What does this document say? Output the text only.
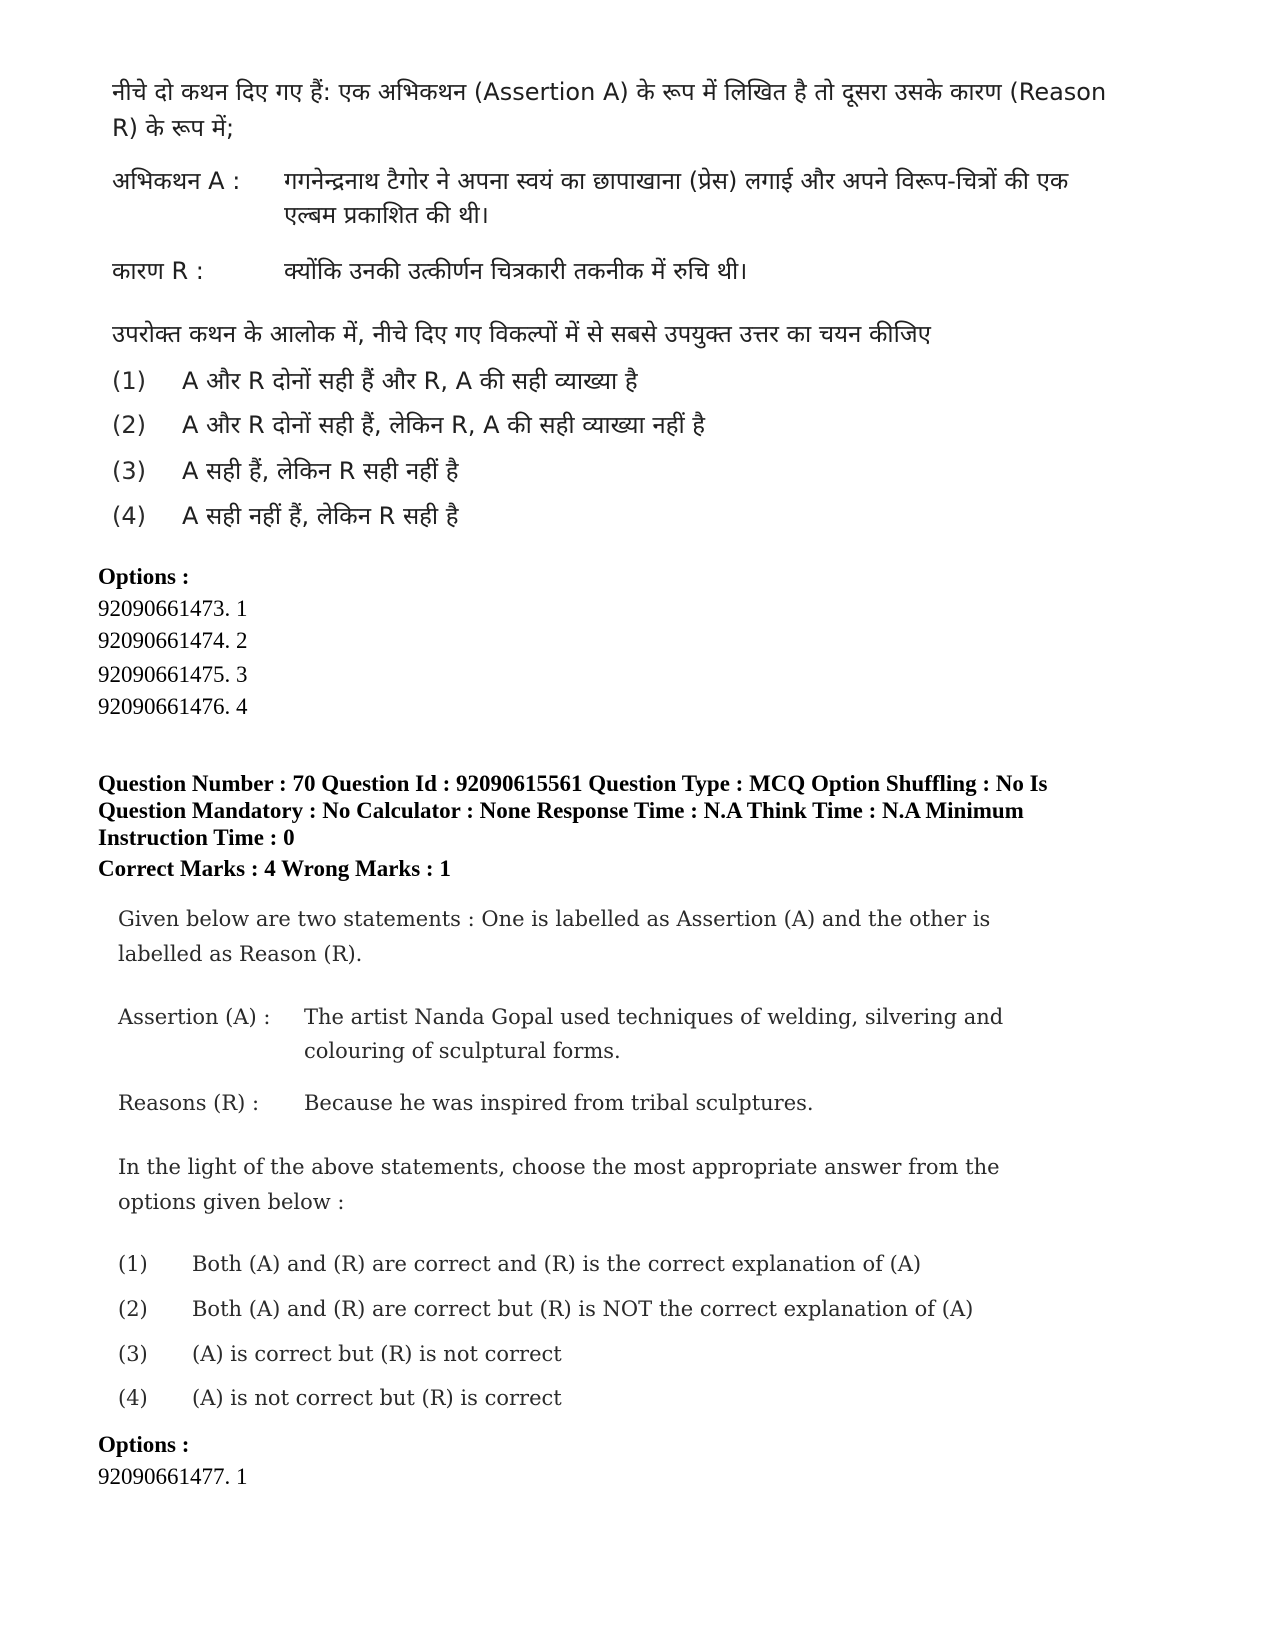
नीचे दो कथन दिए गए हैं: एक अभिकथन (Assertion A) के रूप में लिखित है तो दूसरा उसके कारण (Reason R) के रूप में;
अभिकथन A :	गगनेन्द्रनाथ टैगोर ने अपना स्वयं का छापाखाना (प्रेस) लगाई और अपने विरूप-चित्रों की एक एल्बम प्रकाशित की थी।
कारण R :	क्योंकि उनकी उत्कीर्णन चित्रकारी तकनीक में रुचि थी।
उपरोक्त कथन के आलोक में, नीचे दिए गए विकल्पों में से सबसे उपयुक्त उत्तर का चयन कीजिए
(1)	A और R दोनों सही हैं और R, A की सही व्याख्या है
(2)	A और R दोनों सही हैं, लेकिन R, A की सही व्याख्या नहीं है
(3)	A सही हैं, लेकिन R सही नहीं है
(4)	A सही नहीं हैं, लेकिन R सही है
Options :
92090661473. 1
92090661474. 2
92090661475. 3
92090661476. 4
Question Number : 70 Question Id : 92090615561 Question Type : MCQ Option Shuffling : No Is Question Mandatory : No Calculator : None Response Time : N.A Think Time : N.A Minimum Instruction Time : 0
Correct Marks : 4 Wrong Marks : 1
Given below are two statements : One is labelled as Assertion (A) and the other is labelled as Reason (R).
Assertion (A) :	The artist Nanda Gopal used techniques of welding, silvering and colouring of sculptural forms.
Reasons (R) :	Because he was inspired from tribal sculptures.
In the light of the above statements, choose the most appropriate answer from the options given below :
(1)	Both (A) and (R) are correct and (R) is the correct explanation of (A)
(2)	Both (A) and (R) are correct but (R) is NOT the correct explanation of (A)
(3)	(A) is correct but (R) is not correct
(4)	(A) is not correct but (R) is correct
Options :
92090661477. 1
